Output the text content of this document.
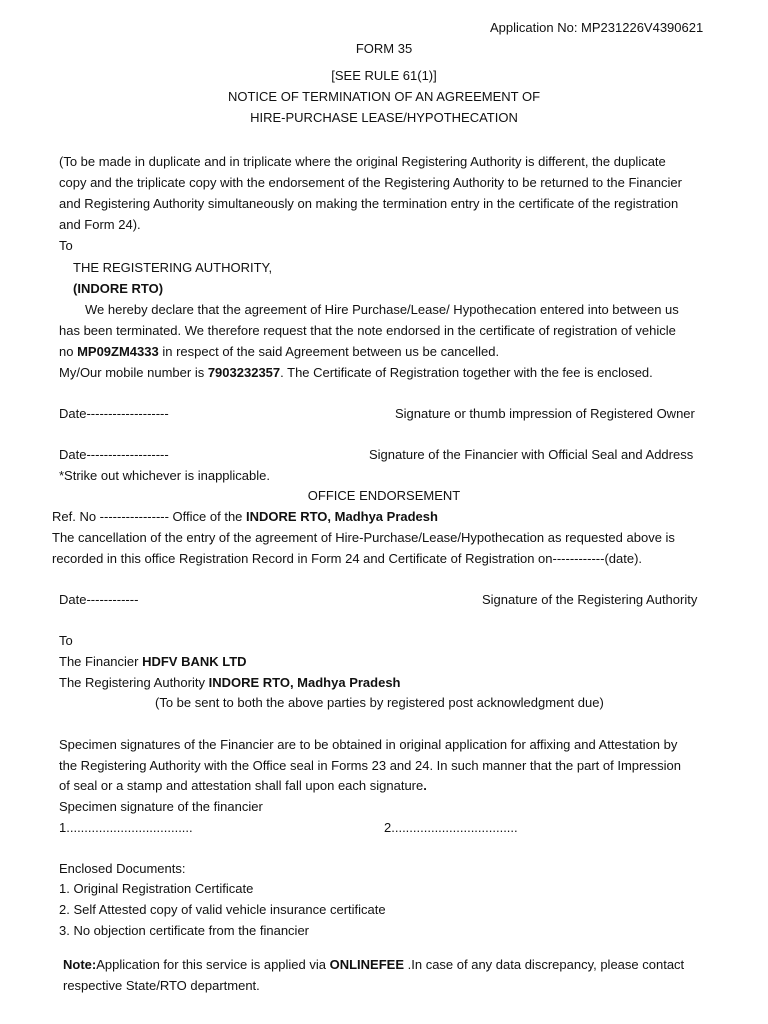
Application No: MP231226V4390621
FORM 35
[SEE RULE 61(1)]
NOTICE OF TERMINATION OF AN AGREEMENT OF
HIRE-PURCHASE LEASE/HYPOTHECATION
(To be made in duplicate and in triplicate where the original Registering Authority is different, the duplicate
copy and the triplicate copy with the endorsement of the Registering Authority to be returned to the Financier
and Registering Authority simultaneously on making the termination entry in the certificate of the registration
and Form 24).
To
THE REGISTERING AUTHORITY,
(INDORE RTO)
We hereby declare that the agreement of Hire Purchase/Lease/ Hypothecation entered into between us
has been terminated. We therefore request that the note endorsed in the certificate of registration of vehicle
no MP09ZM4333 in respect of the said Agreement between us be cancelled.
My/Our mobile number is 7903232357. The Certificate of Registration together with the fee is enclosed.
Date-------------------	Signature or thumb impression of Registered Owner
Date-------------------	Signature of the Financier with Official Seal and Address
*Strike out whichever is inapplicable.
OFFICE ENDORSEMENT
Ref. No ---------------- Office of the INDORE RTO, Madhya Pradesh
The cancellation of the entry of the agreement of Hire-Purchase/Lease/Hypothecation as requested above is
recorded in this office Registration Record in Form 24 and Certificate of Registration on------------(date).
Date------------	Signature of the Registering Authority
To
The Financier HDFV BANK LTD
The Registering Authority INDORE RTO, Madhya Pradesh
(To be sent to both the above parties by registered post acknowledgment due)
Specimen signatures of the Financier are to be obtained in original application for affixing and Attestation by
the Registering Authority with the Office seal in Forms 23 and 24. In such manner that the part of Impression
of seal or a stamp and attestation shall fall upon each signature.
Specimen signature of the financier
1...................................	2...................................
Enclosed Documents:
1. Original Registration Certificate
2. Self Attested copy of valid vehicle insurance certificate
3. No objection certificate from the financier
Note:Application for this service is applied via ONLINEFEE .In case of any data discrepancy, please contact
respective State/RTO department.
